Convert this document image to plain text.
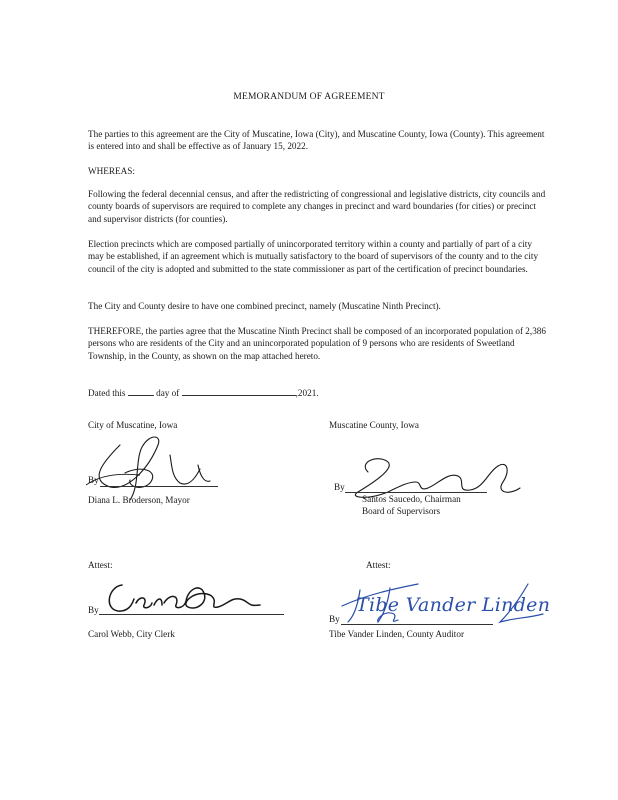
MEMORANDUM OF AGREEMENT

The parties to this agreement are the City of Muscatine, Iowa (City), and Muscatine County, Iowa (County). This agreement is entered into and shall be effective as of January 15, 2022.

WHEREAS:

Following the federal decennial census, and after the redistricting of congressional and legislative districts, city councils and county boards of supervisors are required to complete any changes in precinct and ward boundaries (for cities) or precinct and supervisor districts (for counties).

Election precincts which are composed partially of unincorporated territory within a county and partially of part of a city may be established, if an agreement which is mutually satisfactory to the board of supervisors of the county and to the city council of the city is adopted and submitted to the state commissioner as part of the certification of precinct boundaries.

The City and County desire to have one combined precinct, namely (Muscatine Ninth Precinct).

THEREFORE, the parties agree that the Muscatine Ninth Precinct shall be composed of an incorporated population of 2,386 persons who are residents of the City and an unincorporated population of 9 persons who are residents of Sweetland Township, in the County, as shown on the map attached hereto.

Dated this	day of	,2021.
City of Muscatine, Iowa
By
Diana L. Broderson, Mayor
Muscatine County, Iowa
By
Santos Saucedo, Chairman
Board of Supervisors
Attest:
By
Carol Webb, City Clerk
Attest:
Tibe Vander Linden
By
Tibe Vander Linden, County Auditor
